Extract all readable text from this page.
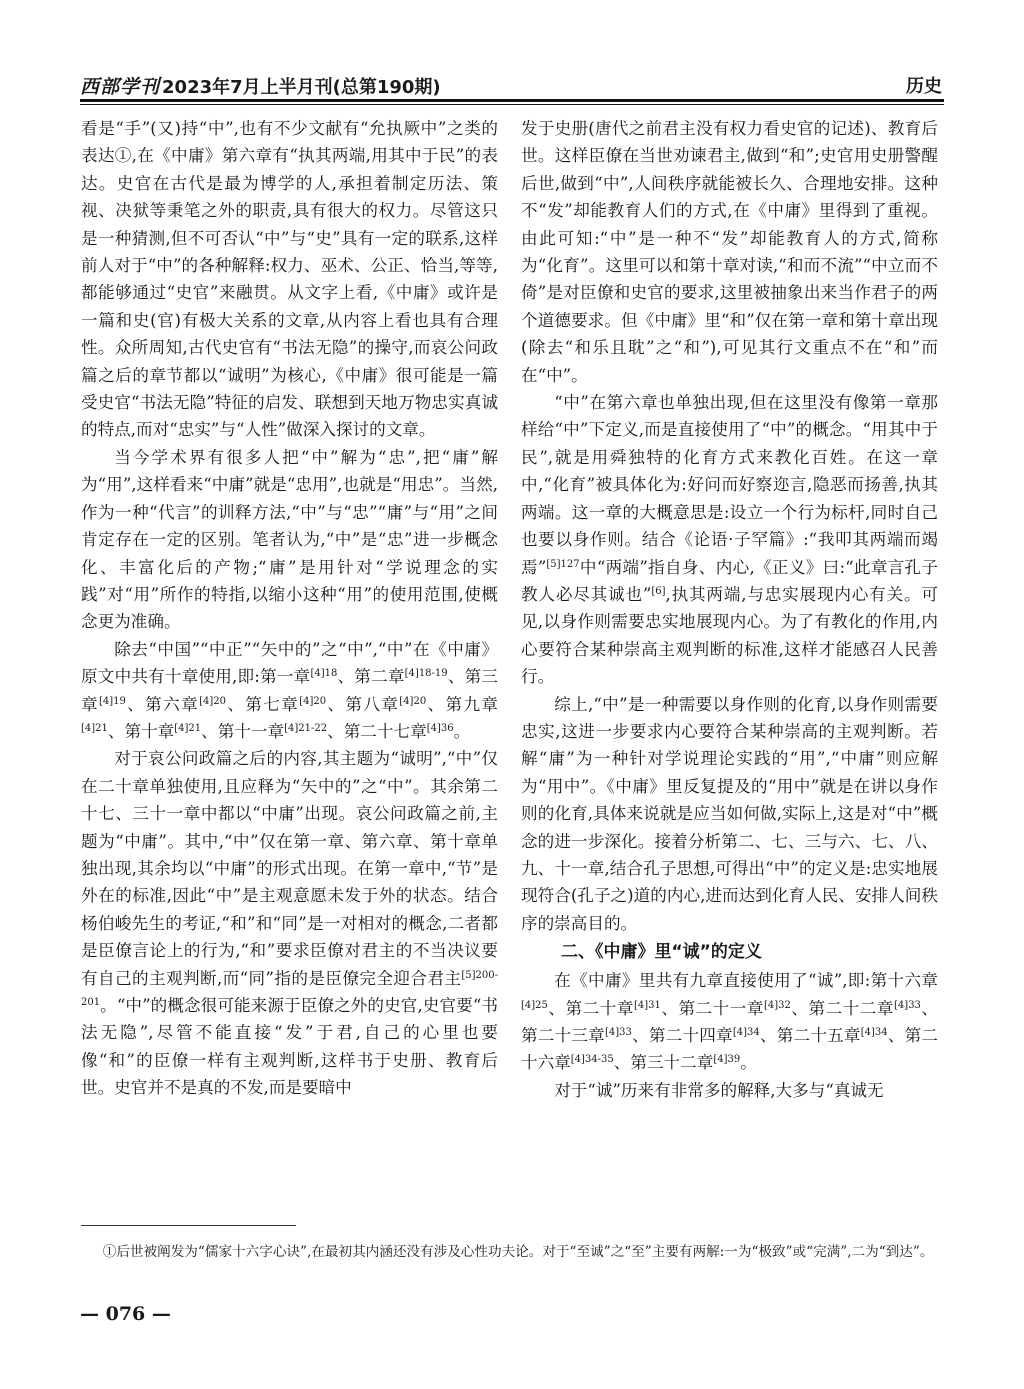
西部学刊 2023年7月上半月刊(总第190期)	历史

看是“手”(又)持“中”,也有不少文献有“允执厥中”之类的表达①,在《中庸》第六章有“执其两端,用其中于民”的表达。史官在古代是最为博学的人,承担着制定历法、策视、决狱等秉笔之外的职责,具有很大的权力。尽管这只是一种猜测,但不可否认“中”与“史”具有一定的联系,这样前人对于“中”的各种解释:权力、巫术、公正、恰当,等等,都能够通过“史官”来融贯。从文字上看,《中庸》或许是一篇和史(官)有极大关系的文章,从内容上看也具有合理性。众所周知,古代史官有“书法无隐”的操守,而哀公问政篇之后的章节都以“诚明”为核心,《中庸》很可能是一篇受史官“书法无隐”特征的启发、联想到天地万物忠实真诚的特点,而对“忠实”与“人性”做深入探讨的文章。

当今学术界有很多人把“中”解为“忠”,把“庸”解为“用”,这样看来“中庸”就是“忠用”,也就是“用忠”。当然,作为一种“代言”的训释方法,“中”与“忠”“庸”与“用”之间肯定存在一定的区别。笔者认为,“中”是“忠”进一步概念化、丰富化后的产物;“庸”是用针对“学说理念的实践”对“用”所作的特指,以缩小这种“用”的使用范围,使概念更为准确。

除去“中国”“中正”“矢中的”之“中”,“中”在《中庸》原文中共有十章使用,即:第一章$^{[4]18}$、第二章$^{[4]18-19}$、第三章$^{[4]19}$、第六章$^{[4]20}$、第七章$^{[4]20}$、第八章$^{[4]20}$、第九章$^{[4]21}$、第十章$^{[4]21}$、第十一章$^{[4]21-22}$、第二十七章$^{[4]36}$。

对于哀公问政篇之后的内容,其主题为“诚明”,“中”仅在二十章单独使用,且应释为“矢中的”之“中”。其余第二十七、三十一章中都以“中庸”出现。哀公问政篇之前,主题为“中庸”。其中,“中”仅在第一章、第六章、第十章单独出现,其余均以“中庸”的形式出现。在第一章中,“节”是外在的标准,因此“中”是主观意愿未发于外的状态。结合杨伯峻先生的考证,“和”和“同”是一对相对的概念,二者都是臣僚言论上的行为,“和”要求臣僚对君主的不当决议要有自己的主观判断,而“同”指的是臣僚完全迎合君主$^{[5]200-201}$。“中”的概念很可能来源于臣僚之外的史官,史官要“书法无隐”,尽管不能直接“发”于君,自己的心里也要像“和”的臣僚一样有主观判断,这样书于史册、教育后世。史官并不是真的不发,而是要暗中

发于史册(唐代之前君主没有权力看史官的记述)、教育后世。这样臣僚在当世劝谏君主,做到“和”;史官用史册警醒后世,做到“中”,人间秩序就能被长久、合理地安排。这种不“发”却能教育人们的方式,在《中庸》里得到了重视。由此可知:“中”是一种不“发”却能教育人的方式,简称为“化育”。这里可以和第十章对读,“和而不流”“中立而不倚”是对臣僚和史官的要求,这里被抽象出来当作君子的两个道德要求。但《中庸》里“和”仅在第一章和第十章出现(除去“和乐且耽”之“和”),可见其行文重点不在“和”而在“中”。

“中”在第六章也单独出现,但在这里没有像第一章那样给“中”下定义,而是直接使用了“中”的概念。“用其中于民”,就是用舜独特的化育方式来教化百姓。在这一章中,“化育”被具体化为:好问而好察迩言,隐恶而扬善,执其两端。这一章的大概意思是:设立一个行为标杆,同时自己也要以身作则。结合《论语·子罕篇》:“我叩其两端而竭焉”$^{[5]127}$中“两端”指自身、内心,《正义》曰:“此章言孔子教人必尽其诚也”[6],执其两端,与忠实展现内心有关。可见,以身作则需要忠实地展现内心。为了有教化的作用,内心要符合某种崇高主观判断的标准,这样才能感召人民善行。

综上,“中”是一种需要以身作则的化育,以身作则需要忠实,这进一步要求内心要符合某种崇高的主观判断。若解“庸”为一种针对学说理论实践的“用”,“中庸”则应解为“用中”。《中庸》里反复提及的“用中”就是在讲以身作则的化育,具体来说就是应当如何做,实际上,这是对“中”概念的进一步深化。接着分析第二、七、三与六、七、八、九、十一章,结合孔子思想,可得出“中”的定义是:忠实地展现符合(孔子之)道的内心,进而达到化育人民、安排人间秩序的崇高目的。

二、《中庸》里“诚”的定义

在《中庸》里共有九章直接使用了“诚”,即:第十六章$^{[4]25}$、第二十章$^{[4]31}$、第二十一章$^{[4]32}$、第二十二章$^{[4]33}$、第二十三章$^{[4]33}$、第二十四章$^{[4]34}$、第二十五章$^{[4]34}$、第二十六章$^{[4]34-35}$、第三十二章$^{[4]39}$。

对于“诚”历来有非常多的解释,大多与“真诚无

①后世被阐发为“儒家十六字心诀”,在最初其内涵还没有涉及心性功夫论。对于“至诚”之“至”主要有两解:一为“极致”或“完满”,二为“到达”。
— 076 —
